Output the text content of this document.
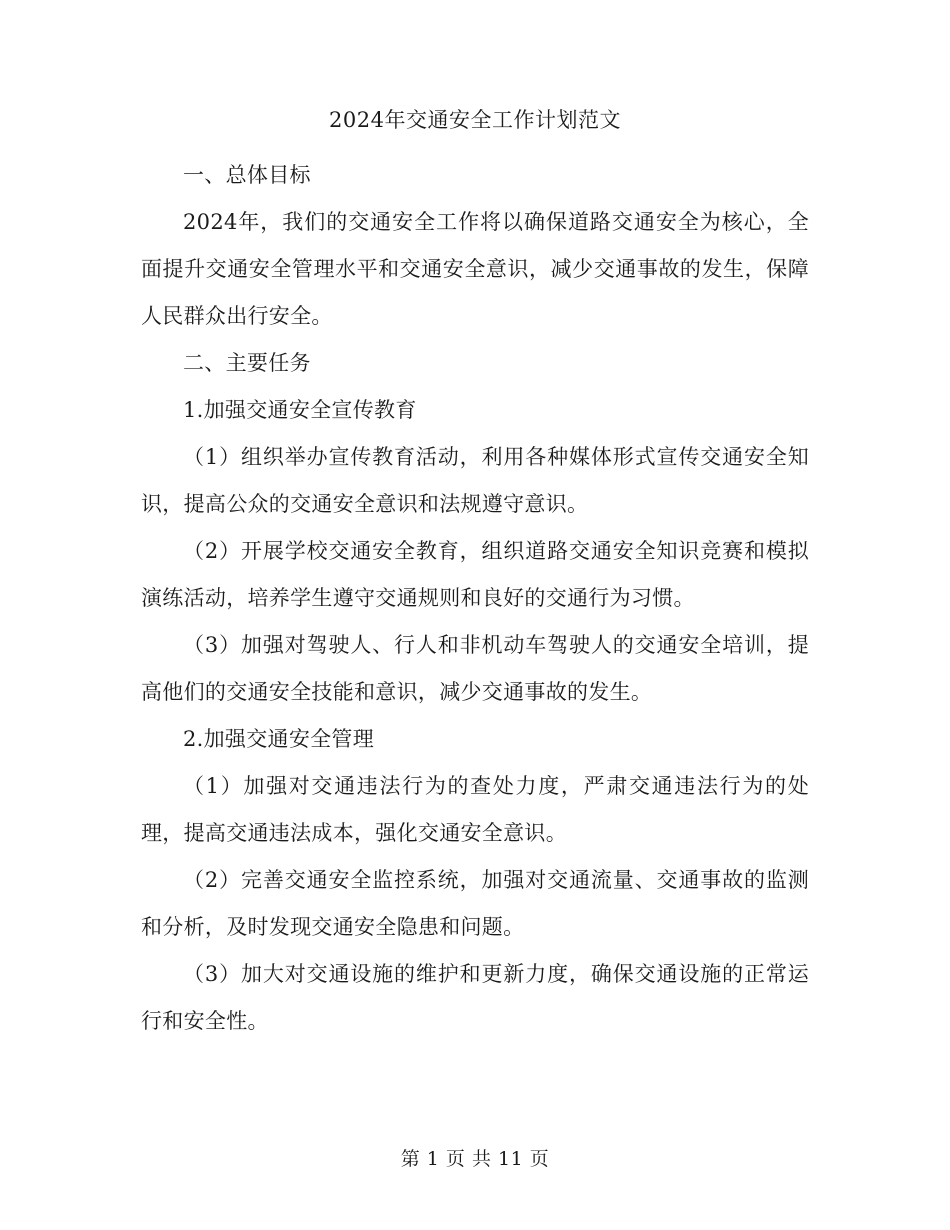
2024年交通安全工作计划范文

一、总体目标

2024年，我们的交通安全工作将以确保道路交通安全为核心，全面提升交通安全管理水平和交通安全意识，减少交通事故的发生，保障人民群众出行安全。

二、主要任务

1.加强交通安全宣传教育

（1）组织举办宣传教育活动，利用各种媒体形式宣传交通安全知识，提高公众的交通安全意识和法规遵守意识。

（2）开展学校交通安全教育，组织道路交通安全知识竞赛和模拟演练活动，培养学生遵守交通规则和良好的交通行为习惯。

（3）加强对驾驶人、行人和非机动车驾驶人的交通安全培训，提高他们的交通安全技能和意识，减少交通事故的发生。

2.加强交通安全管理

（1）加强对交通违法行为的查处力度，严肃交通违法行为的处理，提高交通违法成本，强化交通安全意识。

（2）完善交通安全监控系统，加强对交通流量、交通事故的监测和分析，及时发现交通安全隐患和问题。

（3）加大对交通设施的维护和更新力度，确保交通设施的正常运行和安全性。

第 1 页 共 11 页
